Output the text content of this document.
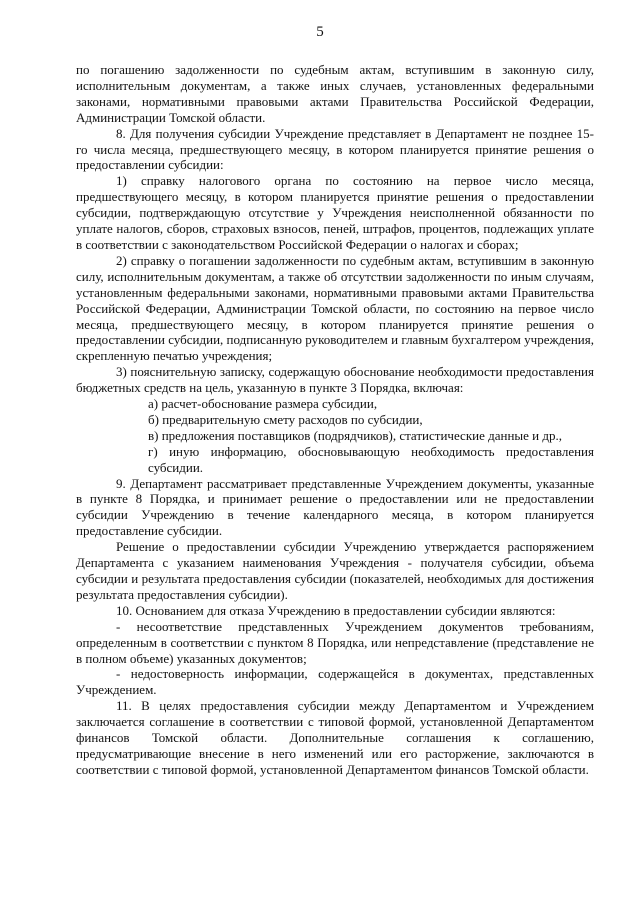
5

по погашению задолженности по судебным актам, вступившим в законную силу, исполнительным документам, а также иных случаев, установленных федеральными законами, нормативными правовыми актами Правительства Российской Федерации, Администрации Томской области.

8. Для получения субсидии Учреждение представляет в Департамент не позднее 15-го числа месяца, предшествующего месяцу, в котором планируется принятие решения о предоставлении субсидии:

1) справку налогового органа по состоянию на первое число месяца, предшествующего месяцу, в котором планируется принятие решения о предоставлении субсидии, подтверждающую отсутствие у Учреждения неисполненной обязанности по уплате налогов, сборов, страховых взносов, пеней, штрафов, процентов, подлежащих уплате в соответствии с законодательством Российской Федерации о налогах и сборах;

2) справку о погашении задолженности по судебным актам, вступившим в законную силу, исполнительным документам, а также об отсутствии задолженности по иным случаям, установленным федеральными законами, нормативными правовыми актами Правительства Российской Федерации, Администрации Томской области, по состоянию на первое число месяца, предшествующего месяцу, в котором планируется принятие решения о предоставлении субсидии, подписанную руководителем и главным бухгалтером учреждения, скрепленную печатью учреждения;

3) пояснительную записку, содержащую обоснование необходимости предоставления бюджетных средств на цель, указанную в пункте 3 Порядка, включая:

а) расчет-обоснование размера субсидии,

б) предварительную смету расходов по субсидии,

в) предложения поставщиков (подрядчиков), статистические данные и др.,

г) иную информацию, обосновывающую необходимость предоставления субсидии.

9. Департамент рассматривает представленные Учреждением документы, указанные в пункте 8 Порядка, и принимает решение о предоставлении или не предоставлении субсидии Учреждению в течение календарного месяца, в котором планируется предоставление субсидии.

Решение о предоставлении субсидии Учреждению утверждается распоряжением Департамента с указанием наименования Учреждения - получателя субсидии, объема субсидии и результата предоставления субсидии (показателей, необходимых для достижения результата предоставления субсидии).

10. Основанием для отказа Учреждению в предоставлении субсидии являются:

- несоответствие представленных Учреждением документов требованиям, определенным в соответствии с пунктом 8 Порядка, или непредставление (представление не в полном объеме) указанных документов;

- недостоверность информации, содержащейся в документах, представленных Учреждением.

11. В целях предоставления субсидии между Департаментом и Учреждением заключается соглашение в соответствии с типовой формой, установленной Департаментом финансов Томской области. Дополнительные соглашения к соглашению, предусматривающие внесение в него изменений или его расторжение, заключаются в соответствии с типовой формой, установленной Департаментом финансов Томской области.
